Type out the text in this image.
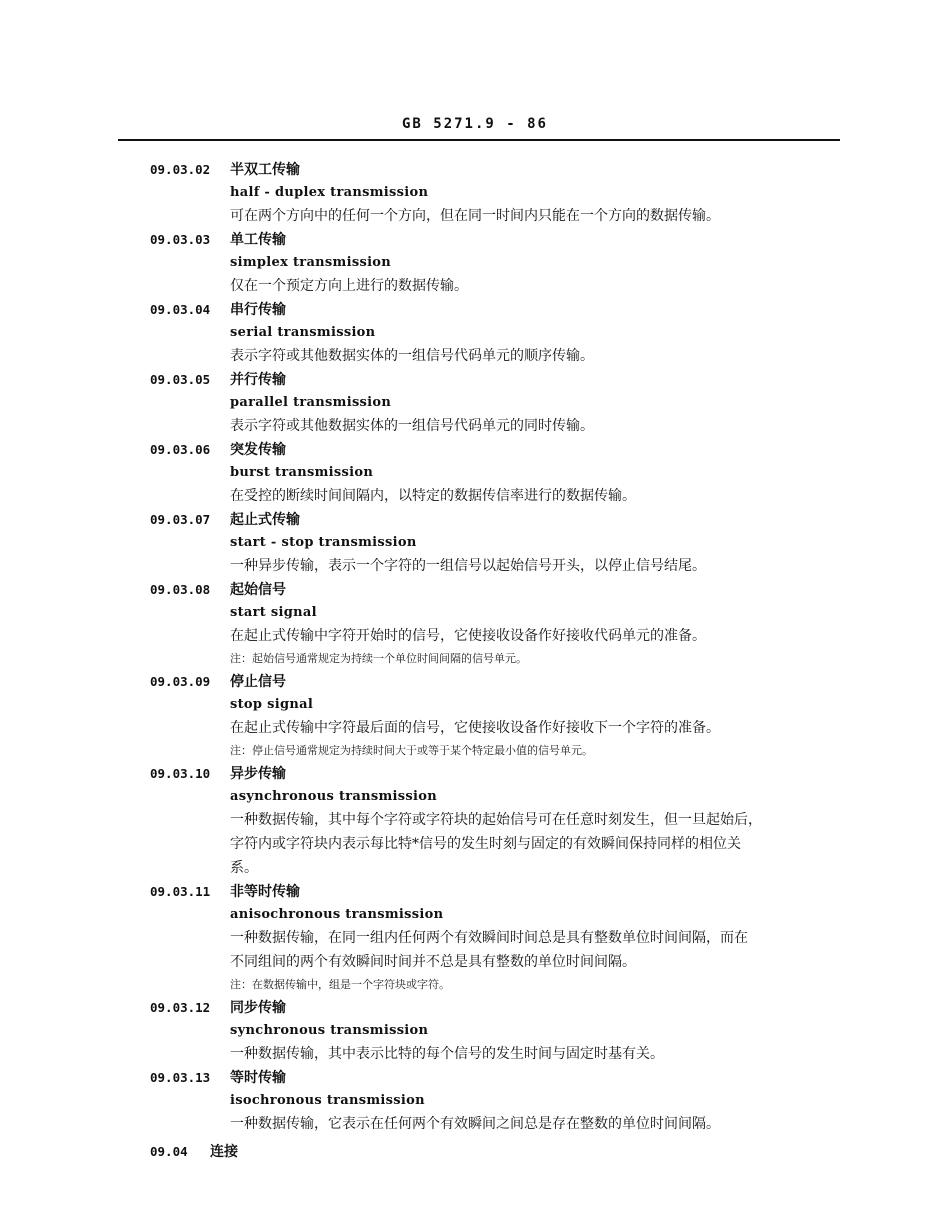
GB 5271.9 - 86
09.03.02	半双工传输
half - duplex transmission
可在两个方向中的任何一个方向，但在同一时间内只能在一个方向的数据传输。
09.03.03	单工传输
simplex transmission
仅在一个预定方向上进行的数据传输。
09.03.04	串行传输
serial transmission
表示字符或其他数据实体的一组信号代码单元的顺序传输。
09.03.05	并行传输
parallel transmission
表示字符或其他数据实体的一组信号代码单元的同时传输。
09.03.06	突发传输
burst transmission
在受控的断续时间间隔内，以特定的数据传信率进行的数据传输。
09.03.07	起止式传输
start - stop transmission
一种异步传输，表示一个字符的一组信号以起始信号开头，以停止信号结尾。
09.03.08	起始信号
start signal
在起止式传输中字符开始时的信号，它使接收设备作好接收代码单元的准备。
注：起始信号通常规定为持续一个单位时间间隔的信号单元。
09.03.09	停止信号
stop signal
在起止式传输中字符最后面的信号，它使接收设备作好接收下一个字符的准备。
注：停止信号通常规定为持续时间大于或等于某个特定最小值的信号单元。
09.03.10	异步传输
asynchronous transmission
一种数据传输，其中每个字符或字符块的起始信号可在任意时刻发生，但一旦起始后，
字符内或字符块内表示每比特*信号的发生时刻与固定的有效瞬间保持同样的相位关
系。
09.03.11	非等时传输
anisochronous transmission
一种数据传输，在同一组内任何两个有效瞬间时间总是具有整数单位时间间隔，而在
不同组间的两个有效瞬间时间并不总是具有整数的单位时间间隔。
注：在数据传输中，组是一个字符块或字符。
09.03.12	同步传输
synchronous transmission
一种数据传输，其中表示比特的每个信号的发生时间与固定时基有关。
09.03.13	等时传输
isochronous transmission
一种数据传输，它表示在任何两个有效瞬间之间总是存在整数的单位时间间隔。
09.04	连接
